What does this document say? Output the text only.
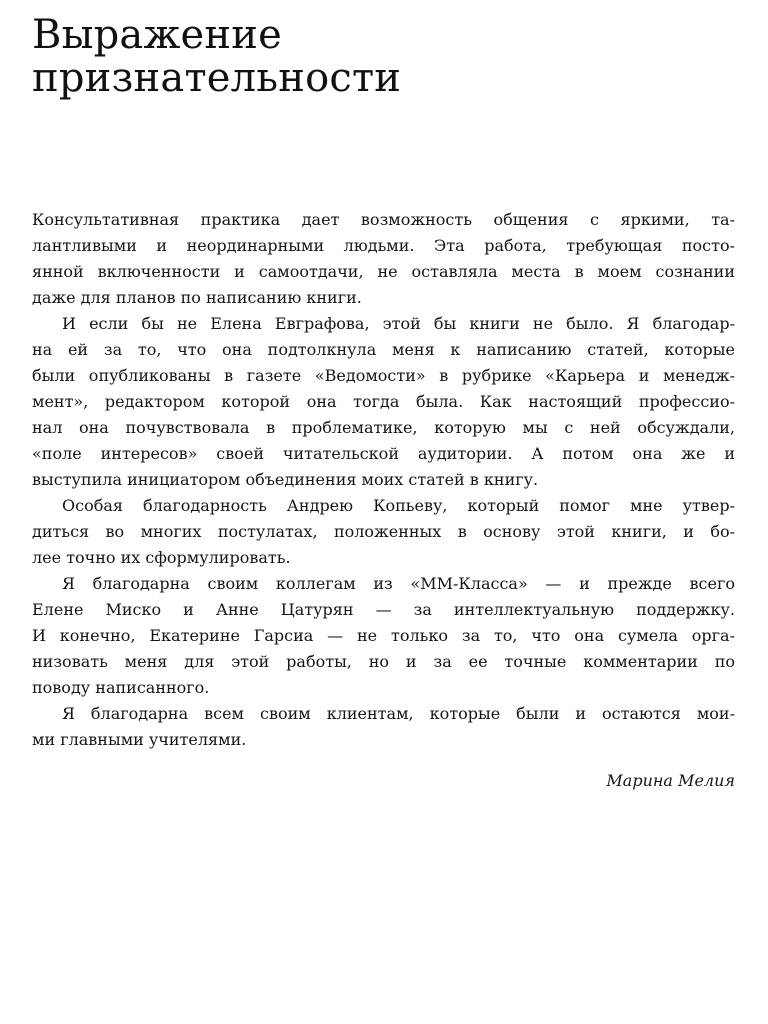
Выражение
признательности

Консультативная практика дает возможность общения с яркими, та-
лантливыми и неординарными людьми. Эта работа, требующая посто-
янной включенности и самоотдачи, не оставляла места в моем сознании
даже для планов по написанию книги.

И если бы не Елена Евграфова, этой бы книги не было. Я благодар-
на ей за то, что она подтолкнула меня к написанию статей, которые
были опубликованы в газете «Ведомости» в рубрике «Карьера и менедж-
мент», редактором которой она тогда была. Как настоящий профессио-
нал она почувствовала в проблематике, которую мы с ней обсуждали,
«поле интересов» своей читательской аудитории. А потом она же и
выступила инициатором объединения моих статей в книгу.

Особая благодарность Андрею Копьеву, который помог мне утвер-
диться во многих постулатах, положенных в основу этой книги, и бо-
лее точно их сформулировать.

Я благодарна своим коллегам из «ММ-Класса» — и прежде всего
Елене Миско и Анне Цатурян — за интеллектуальную поддержку.
И конечно, Екатерине Гарсиа — не только за то, что она сумела орга-
низовать меня для этой работы, но и за ее точные комментарии по
поводу написанного.

Я благодарна всем своим клиентам, которые были и остаются мои-
ми главными учителями.

Марина Мелия
